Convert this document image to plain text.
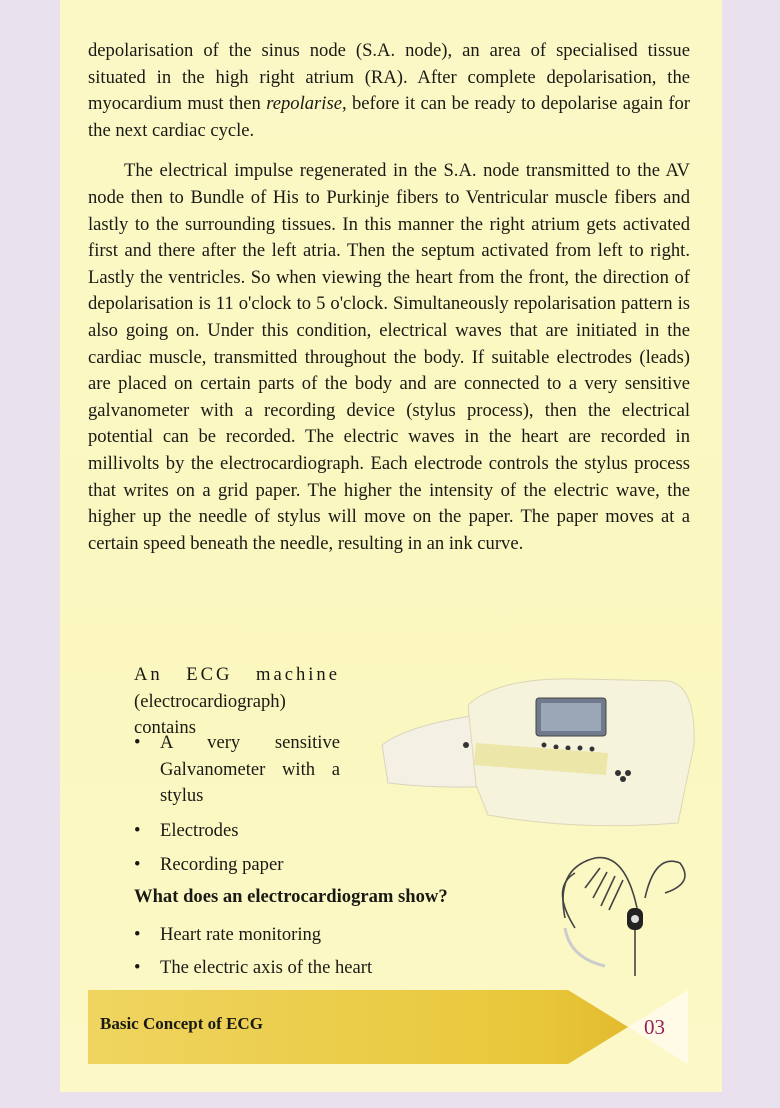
depolarisation of the sinus node (S.A. node), an area of specialised tissue situated in the high right atrium (RA). After complete depolarisation, the myocardium must then repolarise, before it can be ready to depolarise again for the next cardiac cycle.

The electrical impulse regenerated in the S.A. node transmitted to the AV node then to Bundle of His to Purkinje fibers to Ventricular muscle fibers and lastly to the surrounding tissues. In this manner the right atrium gets activated first and there after the left atria. Then the septum activated from left to right. Lastly the ventricles. So when viewing the heart from the front, the direction of depolarisation is 11 o'clock to 5 o'clock. Simultaneously repolarisation pattern is also going on. Under this condition, electrical waves that are initiated in the cardiac muscle, transmitted throughout the body. If suitable electrodes (leads) are placed on certain parts of the body and are connected to a very sensitive galvanometer with a recording device (stylus process), then the electrical potential can be recorded. The electric waves in the heart are recorded in millivolts by the electrocardiograph. Each electrode controls the stylus process that writes on a grid paper. The higher the intensity of the electric wave, the higher up the needle of stylus will move on the paper. The paper moves at a certain speed beneath the needle, resulting in an ink curve.

An ECG machine
(electrocardiograph) contains
• A very sensitive Galvanometer with a stylus
• Electrodes
• Recording paper
What does an electrocardiogram show?
• Heart rate monitoring
• The electric axis of the heart
Basic Concept of ECG	03
